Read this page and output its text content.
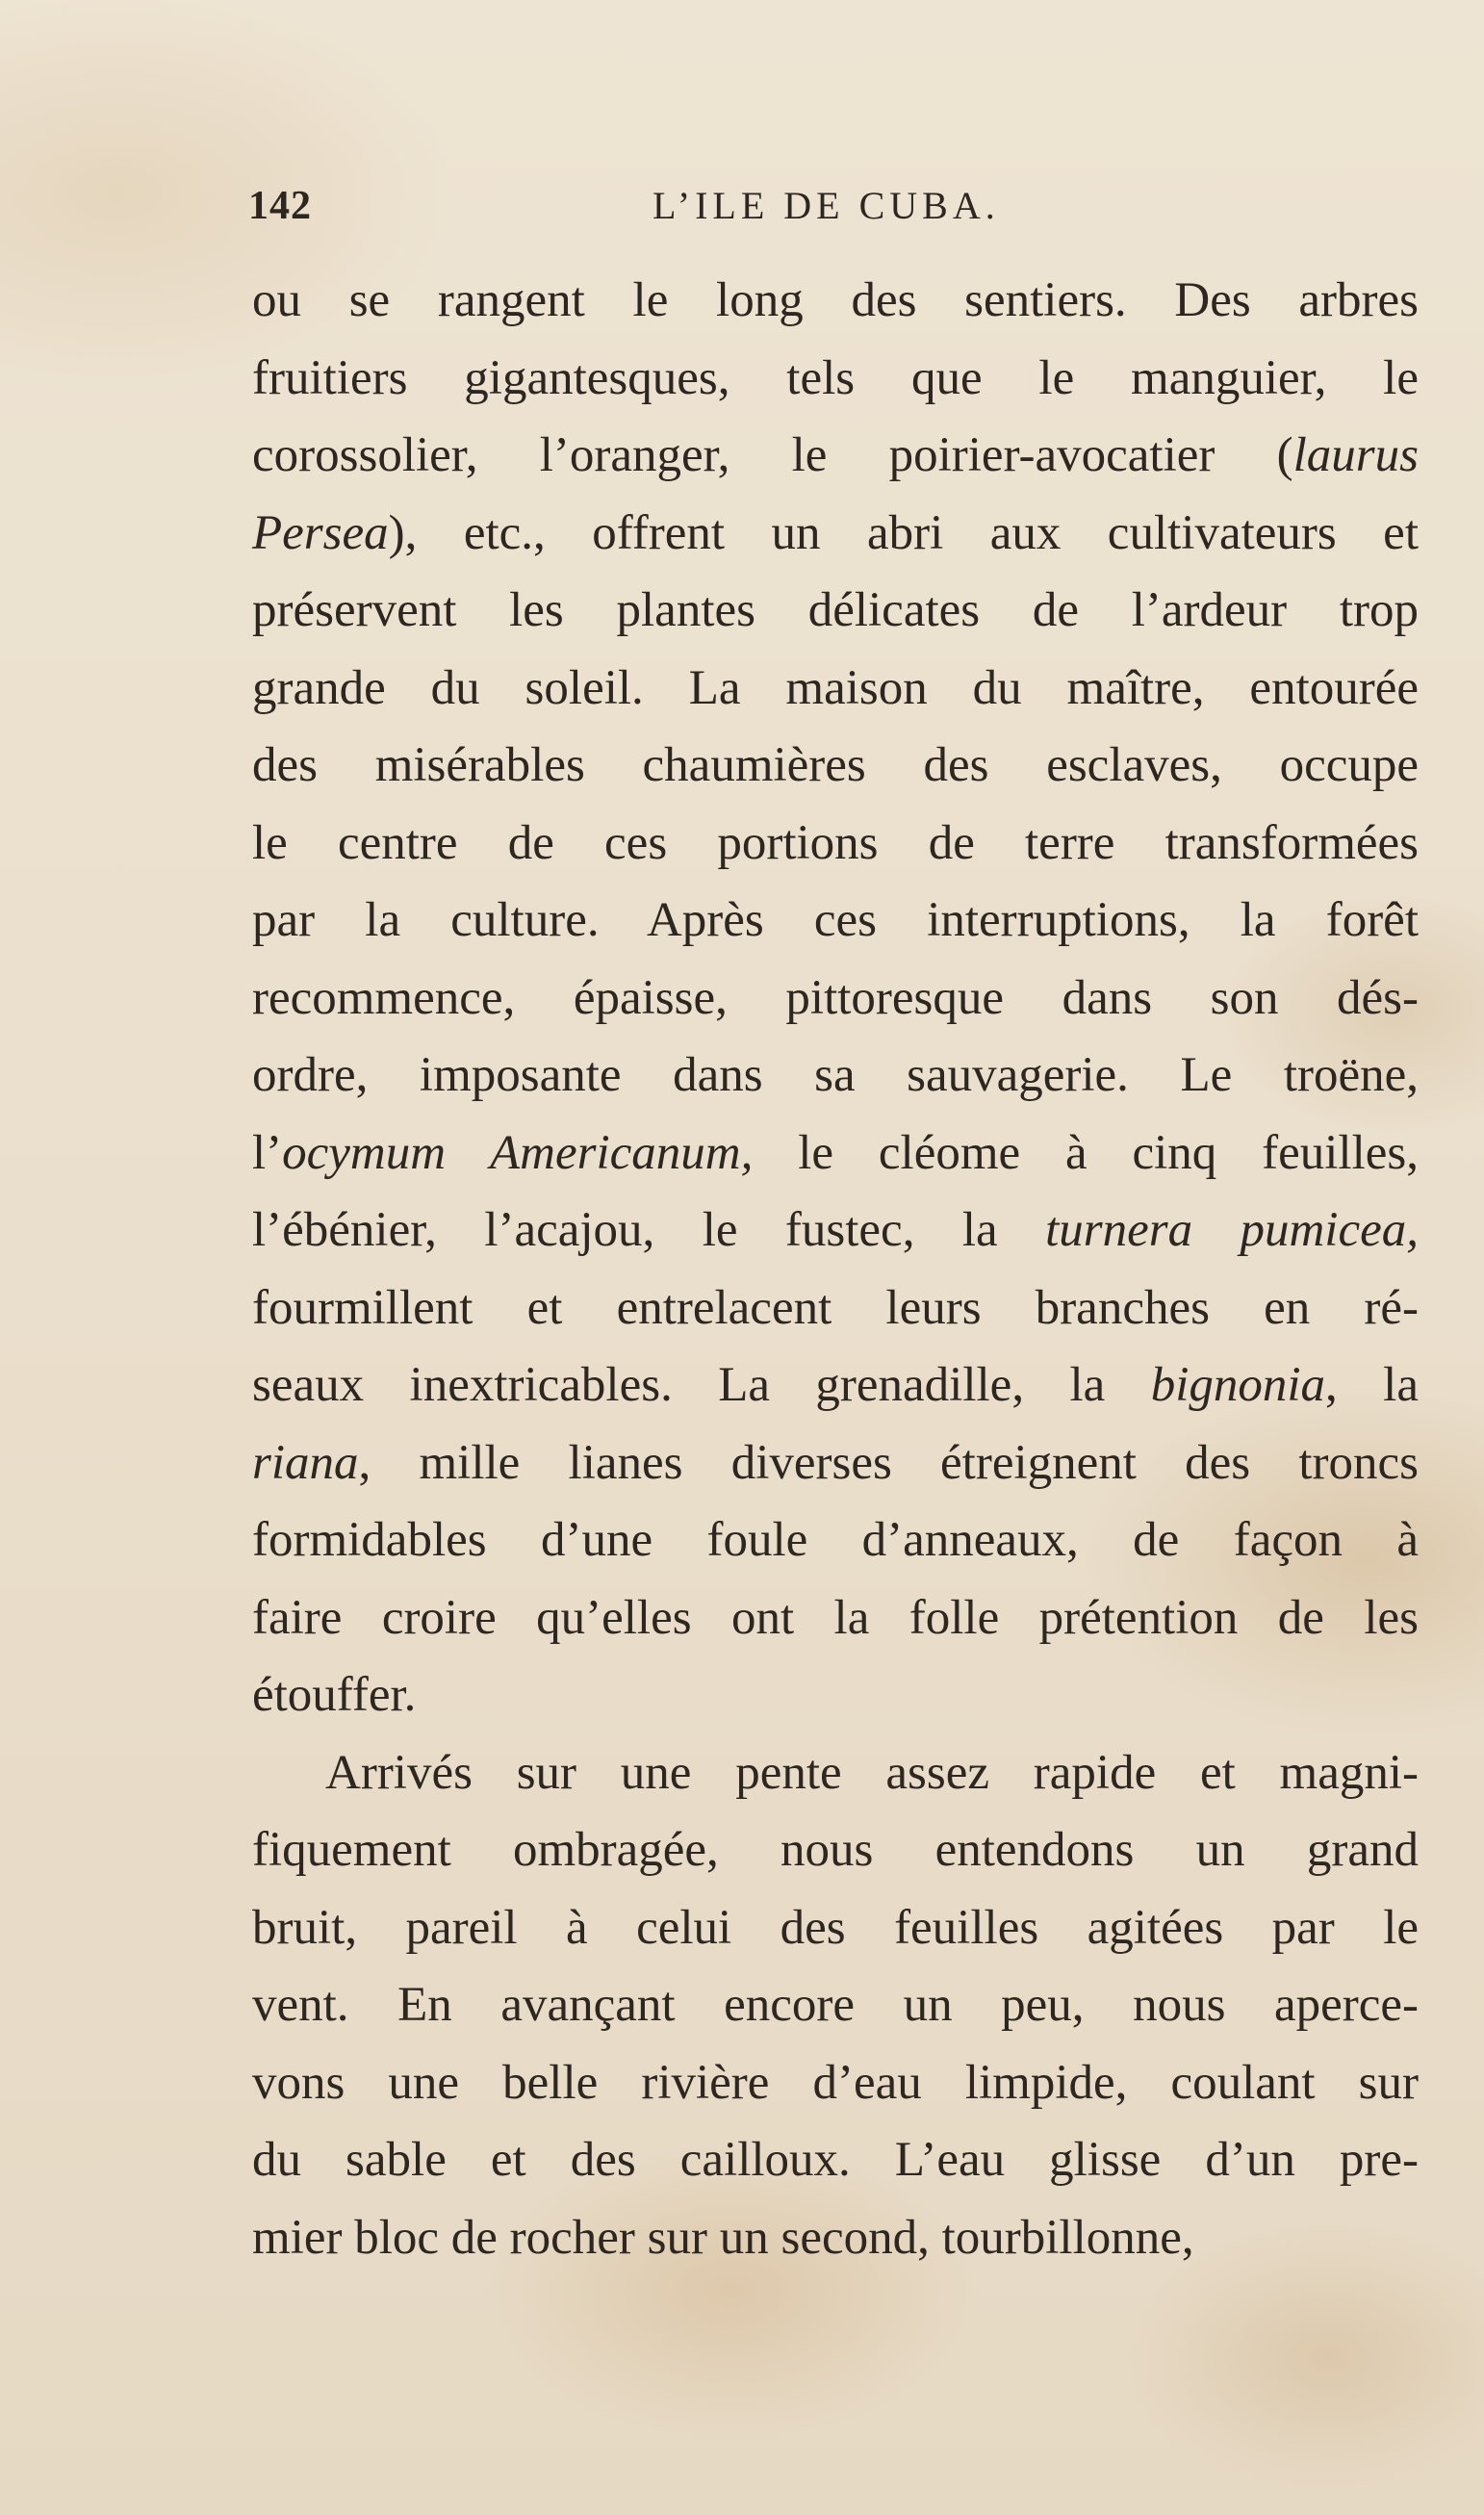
142	L’ILE DE CUBA.
ou se rangent le long des sentiers. Des arbres
fruitiers gigantesques, tels que le manguier, le
corossolier, l’oranger, le poirier-avocatier (laurus
Persea), etc., offrent un abri aux cultivateurs et
préservent les plantes délicates de l’ardeur trop
grande du soleil. La maison du maître, entourée
des misérables chaumières des esclaves, occupe
le centre de ces portions de terre transformées
par la culture. Après ces interruptions, la forêt
recommence, épaisse, pittoresque dans son dés-
ordre, imposante dans sa sauvagerie. Le troëne,
l’ocymum Americanum, le cléome à cinq feuilles,
l’ébénier, l’acajou, le fustec, la turnera pumicea,
fourmillent et entrelacent leurs branches en ré-
seaux inextricables. La grenadille, la bignonia, la
riana, mille lianes diverses étreignent des troncs
formidables d’une foule d’anneaux, de façon à
faire croire qu’elles ont la folle prétention de les
étouffer.
Arrivés sur une pente assez rapide et magni-
fiquement ombragée, nous entendons un grand
bruit, pareil à celui des feuilles agitées par le
vent. En avançant encore un peu, nous aperce-
vons une belle rivière d’eau limpide, coulant sur
du sable et des cailloux. L’eau glisse d’un pre-
mier bloc de rocher sur un second, tourbillonne,
